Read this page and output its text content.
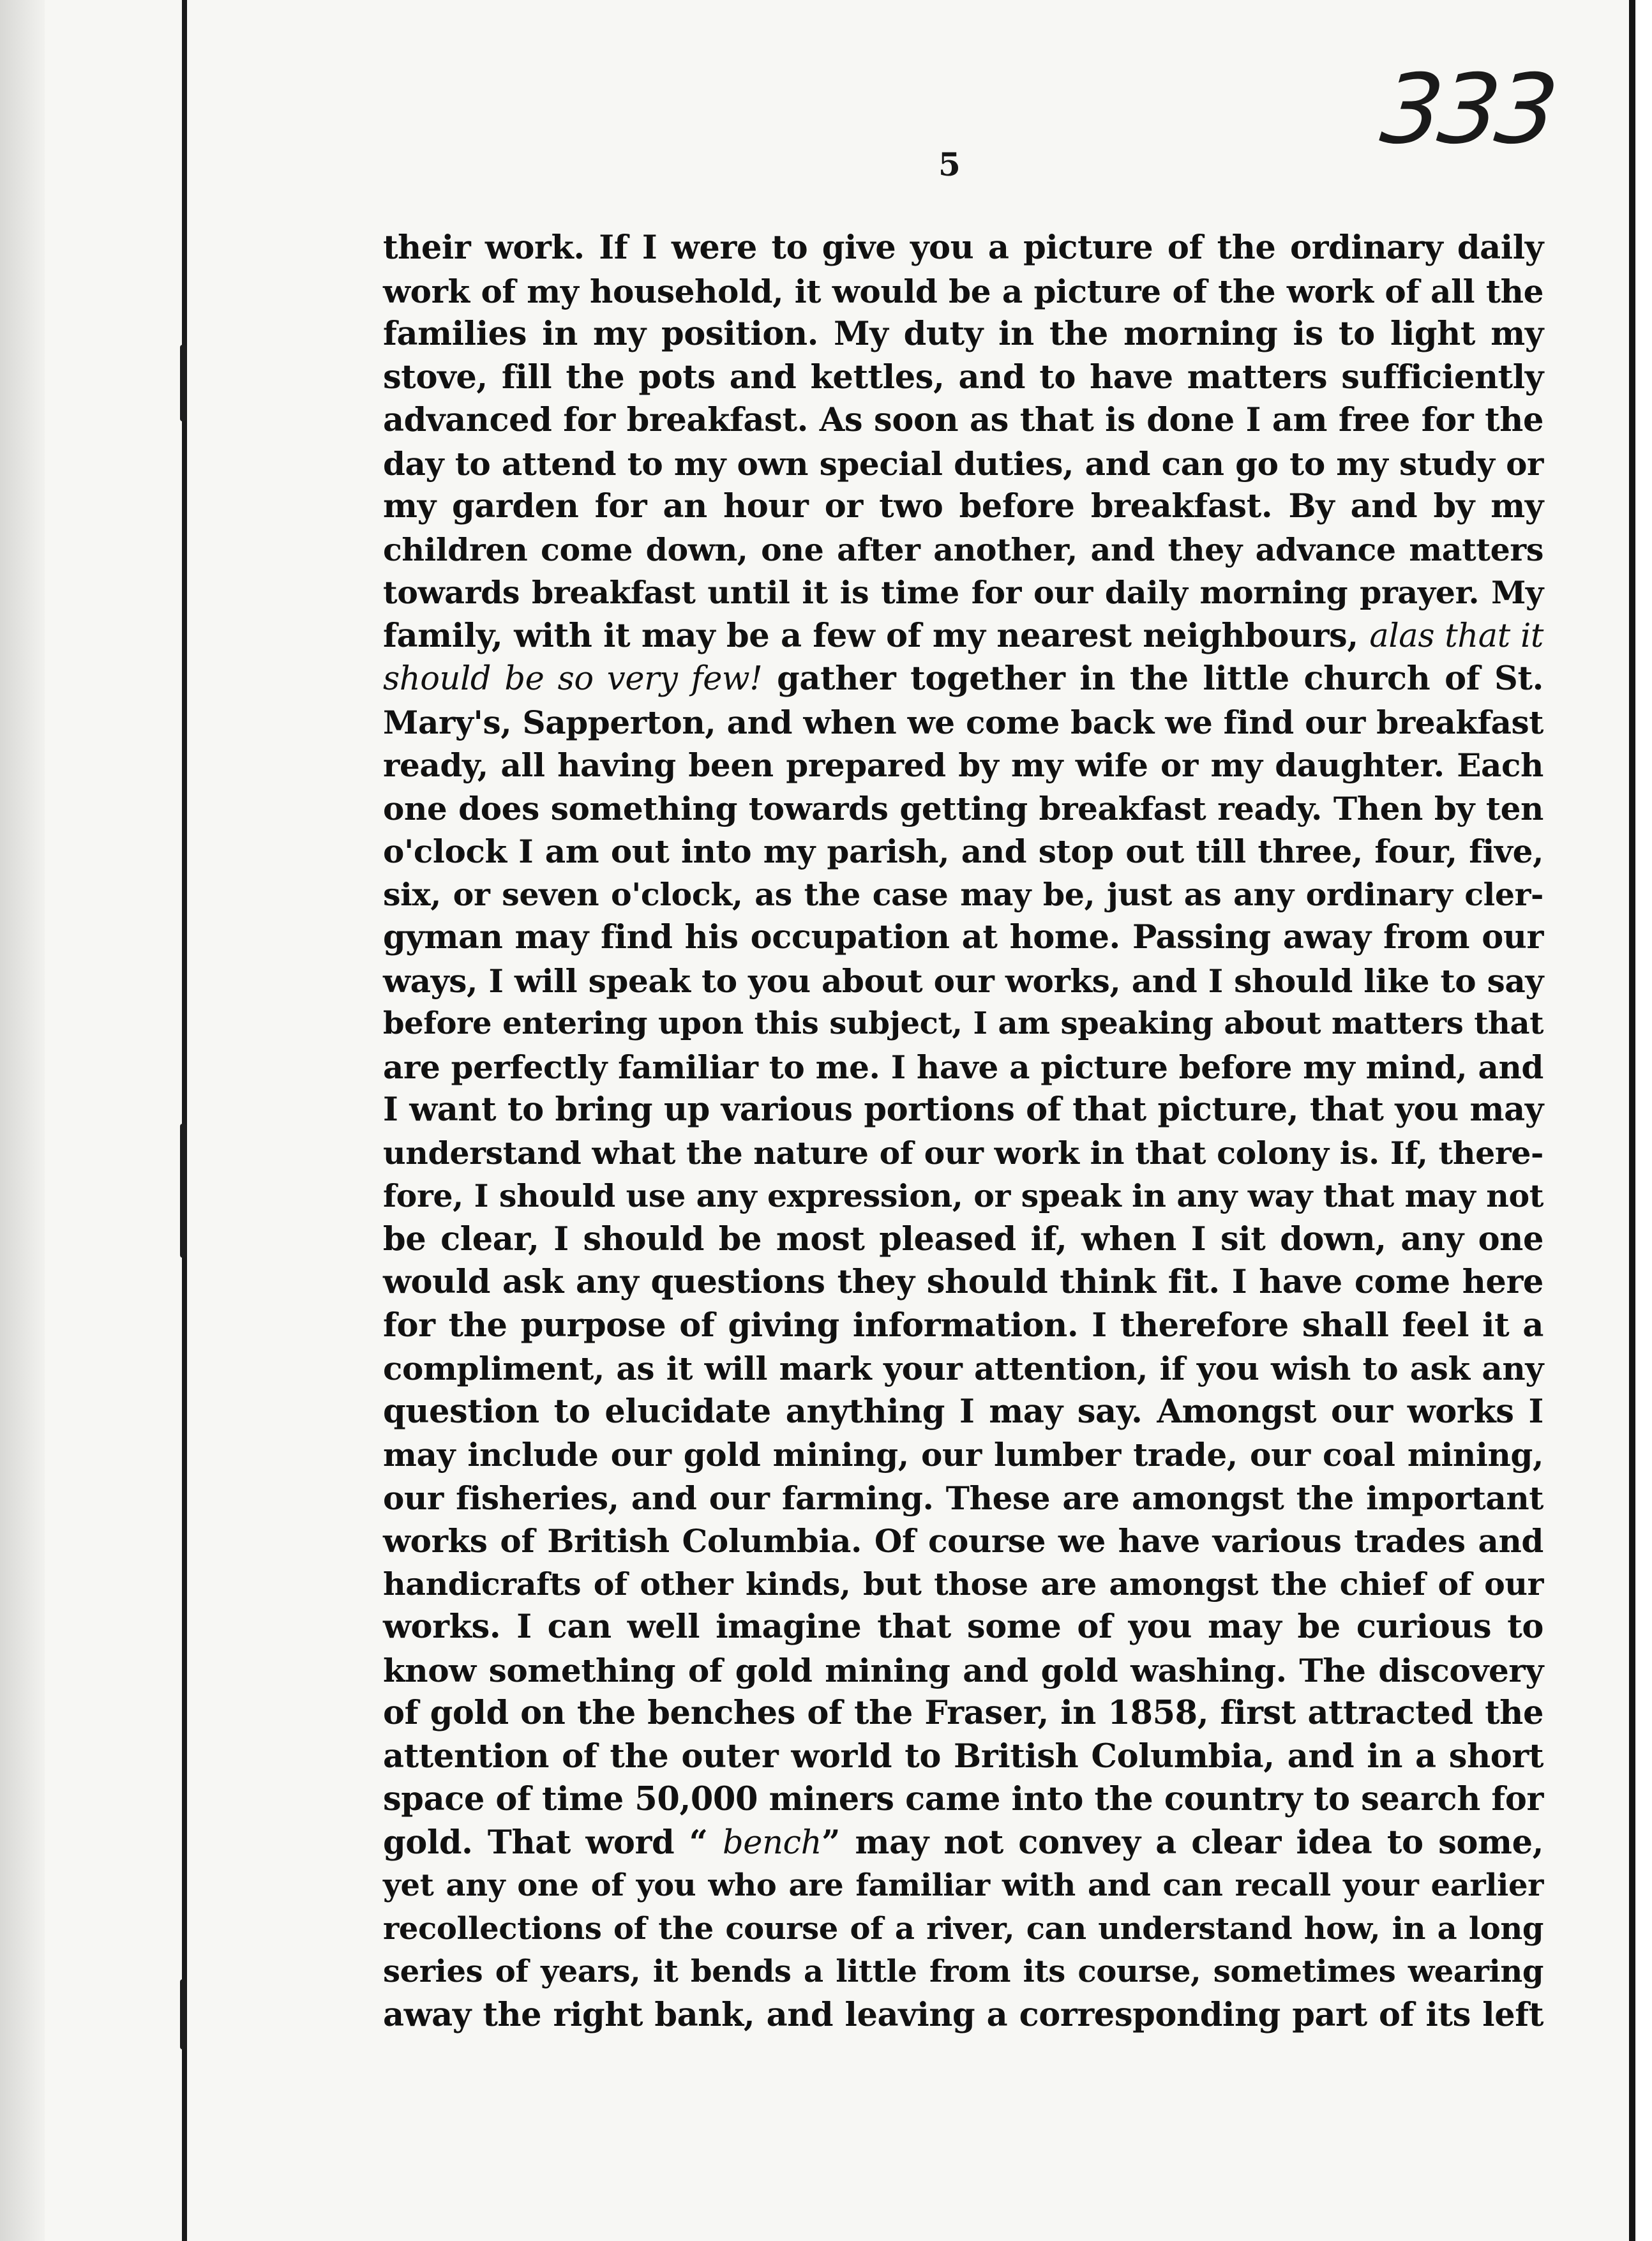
333
5
their work. If I were to give you a picture of the ordinary daily
work of my household, it would be a picture of the work of all the
families in my position. My duty in the morning is to light my
stove, fill the pots and kettles, and to have matters sufficiently
advanced for breakfast. As soon as that is done I am free for the
day to attend to my own special duties, and can go to my study or
my garden for an hour or two before breakfast. By and by my
children come down, one after another, and they advance matters
towards breakfast until it is time for our daily morning prayer. My
family, with it may be a few of my nearest neighbours, alas that it
should be so very few! gather together in the little church of St.
Mary's, Sapperton, and when we come back we find our breakfast
ready, all having been prepared by my wife or my daughter. Each
one does something towards getting breakfast ready. Then by ten
o'clock I am out into my parish, and stop out till three, four, five,
six, or seven o'clock, as the case may be, just as any ordinary cler-
gyman may find his occupation at home. Passing away from our
ways, I will speak to you about our works, and I should like to say
before entering upon this subject, I am speaking about matters that
are perfectly familiar to me. I have a picture before my mind, and
I want to bring up various portions of that picture, that you may
understand what the nature of our work in that colony is. If, there-
fore, I should use any expression, or speak in any way that may not
be clear, I should be most pleased if, when I sit down, any one
would ask any questions they should think fit. I have come here
for the purpose of giving information. I therefore shall feel it a
compliment, as it will mark your attention, if you wish to ask any
question to elucidate anything I may say. Amongst our works I
may include our gold mining, our lumber trade, our coal mining,
our fisheries, and our farming. These are amongst the important
works of British Columbia. Of course we have various trades and
handicrafts of other kinds, but those are amongst the chief of our
works. I can well imagine that some of you may be curious to
know something of gold mining and gold washing. The discovery
of gold on the benches of the Fraser, in 1858, first attracted the
attention of the outer world to British Columbia, and in a short
space of time 50,000 miners came into the country to search for
gold. That word “ bench” may not convey a clear idea to some,
yet any one of you who are familiar with and can recall your earlier
recollections of the course of a river, can understand how, in a long
series of years, it bends a little from its course, sometimes wearing
away the right bank, and leaving a corresponding part of its left
